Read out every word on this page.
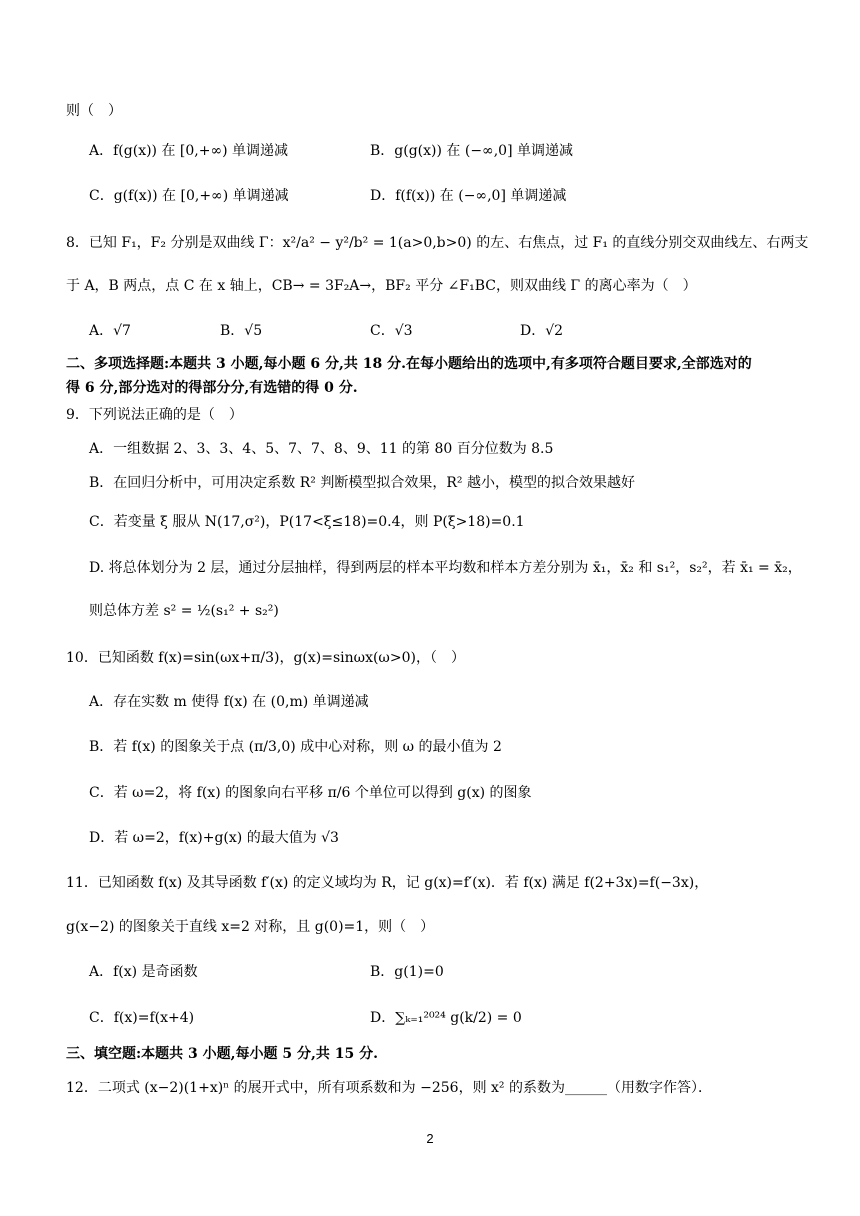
则（　）
A．f(g(x)) 在 [0,+∞) 单调递减	B．g(g(x)) 在 (−∞,0] 单调递减
C．g(f(x)) 在 [0,+∞) 单调递减	D．f(f(x)) 在 (−∞,0] 单调递减
8．已知 F₁，F₂ 分别是双曲线 Γ：x²/a² − y²/b² = 1(a>0,b>0) 的左、右焦点，过 F₁ 的直线分别交双曲线左、右两支
于 A，B 两点，点 C 在 x 轴上，CB→ = 3F₂A→，BF₂ 平分 ∠F₁BC，则双曲线 Γ 的离心率为（　）
A．√7	B．√5	C．√3	D．√2
二、多项选择题:本题共 3 小题,每小题 6 分,共 18 分.在每小题给出的选项中,有多项符合题目要求,全部选对的
得 6 分,部分选对的得部分分,有选错的得 0 分.
9．下列说法正确的是（　）
A．一组数据 2、3、3、4、5、7、7、8、9、11 的第 80 百分位数为 8.5
B．在回归分析中，可用决定系数 R² 判断模型拟合效果，R² 越小，模型的拟合效果越好
C．若变量 ξ 服从 N(17,σ²)，P(17<ξ≤18)=0.4，则 P(ξ>18)=0.1
D. 将总体划分为 2 层，通过分层抽样，得到两层的样本平均数和样本方差分别为 x̄₁，x̄₂ 和 s₁²，s₂²，若 x̄₁ = x̄₂，
则总体方差 s² = ½(s₁² + s₂²)
10．已知函数 f(x)=sin(ωx+π/3)，g(x)=sinωx(ω>0)，（　）
A．存在实数 m 使得 f(x) 在 (0,m) 单调递减
B．若 f(x) 的图象关于点 (π/3,0) 成中心对称，则 ω 的最小值为 2
C．若 ω=2，将 f(x) 的图象向右平移 π/6 个单位可以得到 g(x) 的图象
D．若 ω=2，f(x)+g(x) 的最大值为 √3
11．已知函数 f(x) 及其导函数 f′(x) 的定义域均为 R，记 g(x)=f′(x)．若 f(x) 满足 f(2+3x)=f(−3x)，
g(x−2) 的图象关于直线 x=2 对称，且 g(0)=1，则（　）
A．f(x) 是奇函数	B．g(1)=0
C．f(x)=f(x+4)	D．∑ₖ₌₁²⁰²⁴ g(k/2) = 0
三、填空题:本题共 3 小题,每小题 5 分,共 15 分.
12．二项式 (x−2)(1+x)ⁿ 的展开式中，所有项系数和为 −256，则 x² 的系数为______（用数字作答）．
2
